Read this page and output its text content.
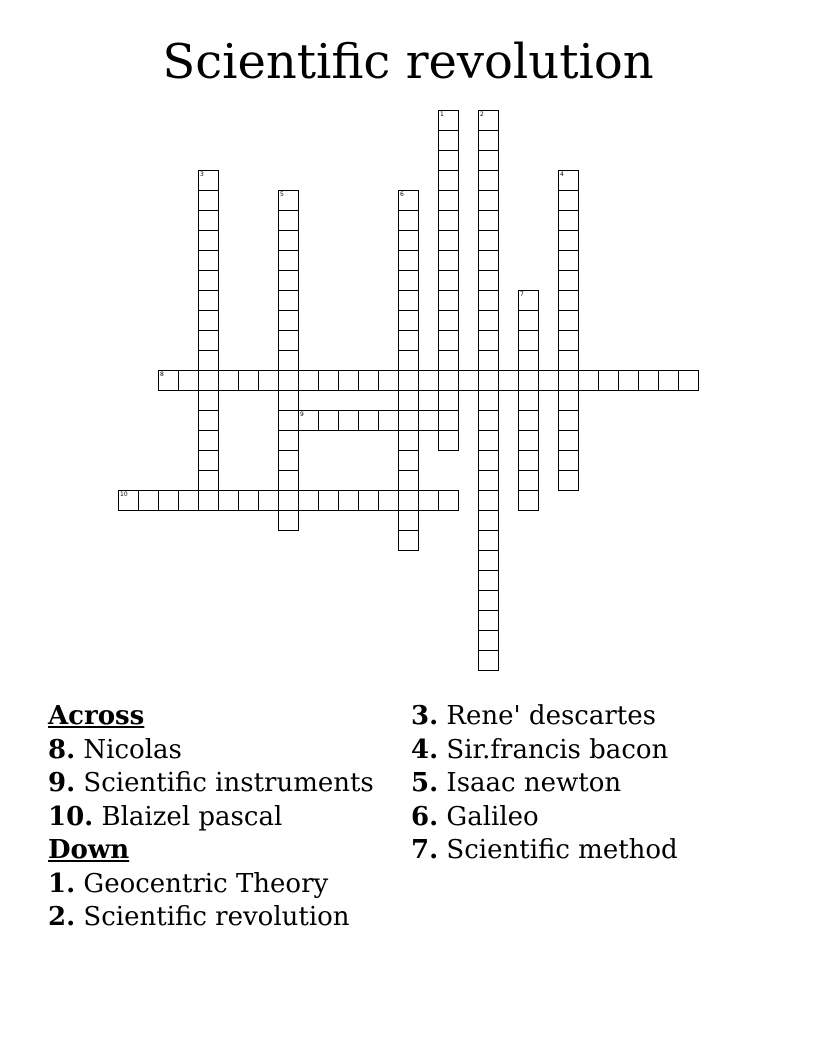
Scientific revolution
1	2
3	4
5	6
7
8
9
10
Across
8. Nicolas
9. Scientific instruments
10. Blaizel pascal
Down
1. Geocentric Theory
2. Scientific revolution
3. Rene' descartes
4. Sir.francis bacon
5. Isaac newton
6. Galileo
7. Scientific method
